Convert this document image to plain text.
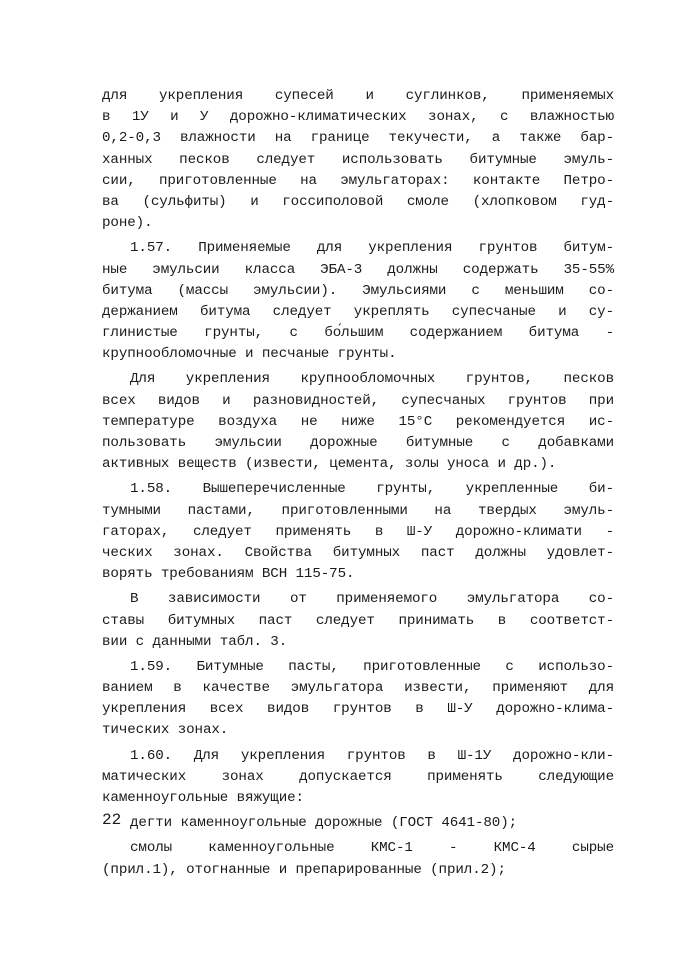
для укрепления супесей и суглинков, применяемых
в 1У и У дорожно-климатических зонах, с влажностью
0,2-0,3 влажности на границе текучести, а также бар-
ханных песков следует использовать битумные эмуль-
сии, приготовленные на эмульгаторах: контакте Петро-
ва (сульфиты) и госсиполовой смоле (хлопковом гуд-
роне).
1.57. Применяемые для укрепления грунтов битум-
ные эмульсии класса ЭБА-3 должны содержать 35-55%
битума (массы эмульсии). Эмульсиями с меньшим со-
держанием битума следует укреплять супесчаные и су-
глинистые грунты, с бо́льшим содержанием битума -
крупнообломочные и песчаные грунты.
Для укрепления крупнообломочных грунтов, песков
всех видов и разновидностей, супесчаных грунтов при
температуре воздуха не ниже 15°С рекомендуется ис-
пользовать эмульсии дорожные битумные с добавками
активных веществ (извести, цемента, золы уноса и др.).
1.58. Вышеперечисленные грунты, укрепленные би-
тумными пастами, приготовленными на твердых эмуль-
гаторах, следует применять в Ш-У дорожно-климати -
ческих зонах. Свойства битумных паст должны удовлет-
ворять требованиям ВСН 115-75.
В зависимости от применяемого эмульгатора со-
ставы битумных паст следует принимать в соответст-
вии с данными табл. 3.
1.59. Битумные пасты, приготовленные с использо-
ванием в качестве эмульгатора извести, применяют для
укрепления всех видов грунтов в Ш-У дорожно-клима-
тических зонах.
1.60. Для укрепления грунтов в Ш-1У дорожно-кли-
матических зонах допускается применять следующие
каменноугольные вяжущие:
дегти каменноугольные дорожные (ГОСТ 4641-80);
смолы каменноугольные КМС-1 - КМС-4 сырые
(прил.1), отогнанные и препарированные (прил.2);
22
